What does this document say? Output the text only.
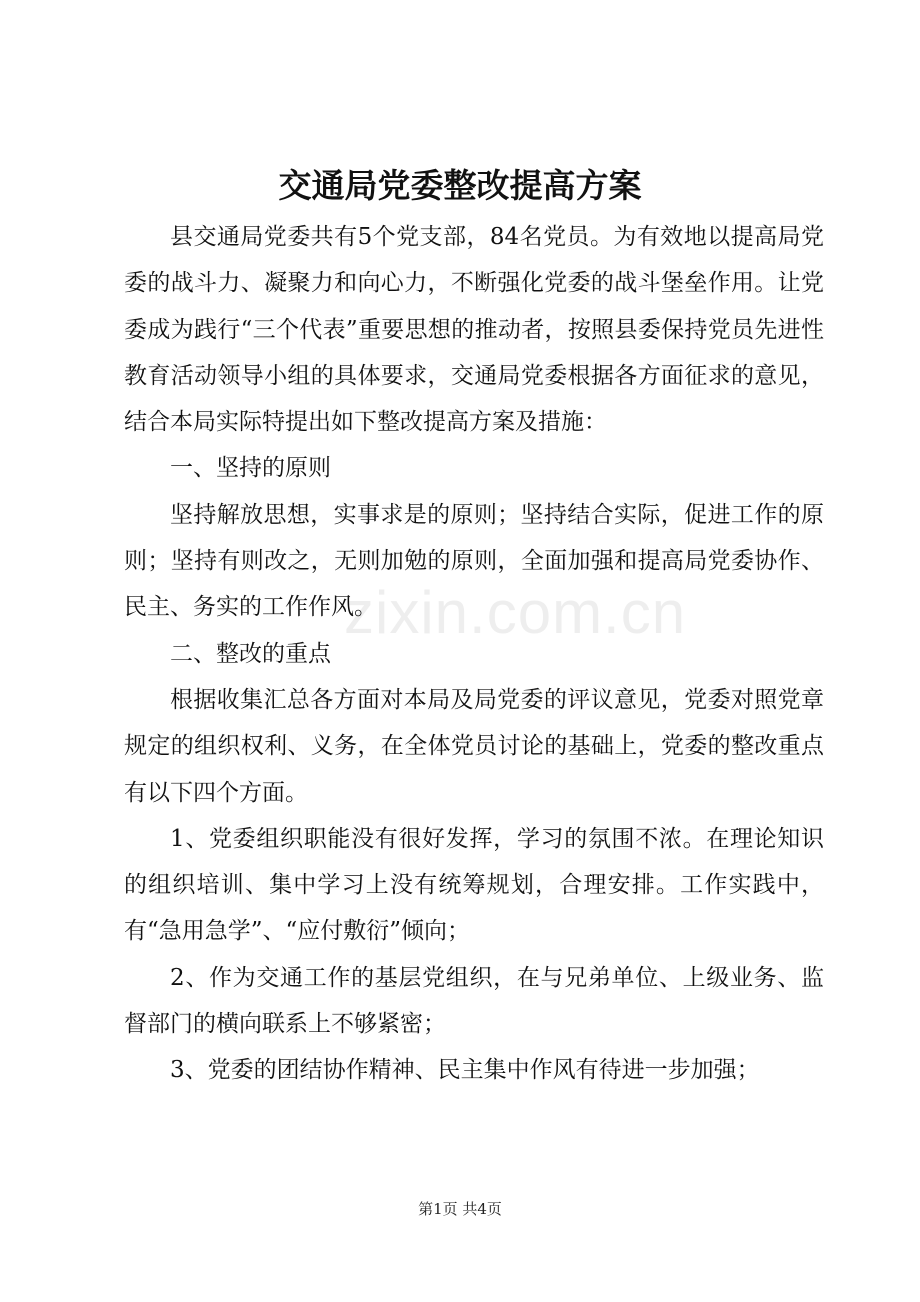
交通局党委整改提高方案
zixin.com.cn

县交通局党委共有5个党支部，84名党员。为有效地以提高局党委的战斗力、凝聚力和向心力，不断强化党委的战斗堡垒作用。让党委成为践行“三个代表”重要思想的推动者，按照县委保持党员先进性教育活动领导小组的具体要求，交通局党委根据各方面征求的意见，结合本局实际特提出如下整改提高方案及措施：

一、坚持的原则

坚持解放思想，实事求是的原则；坚持结合实际，促进工作的原则；坚持有则改之，无则加勉的原则，全面加强和提高局党委协作、民主、务实的工作作风。

二、整改的重点

根据收集汇总各方面对本局及局党委的评议意见，党委对照党章规定的组织权利、义务，在全体党员讨论的基础上，党委的整改重点有以下四个方面。

1、党委组织职能没有很好发挥，学习的氛围不浓。在理论知识的组织培训、集中学习上没有统筹规划，合理安排。工作实践中，有“急用急学”、“应付敷衍”倾向；

2、作为交通工作的基层党组织，在与兄弟单位、上级业务、监督部门的横向联系上不够紧密；

3、党委的团结协作精神、民主集中作风有待进一步加强；

第1页 共4页
